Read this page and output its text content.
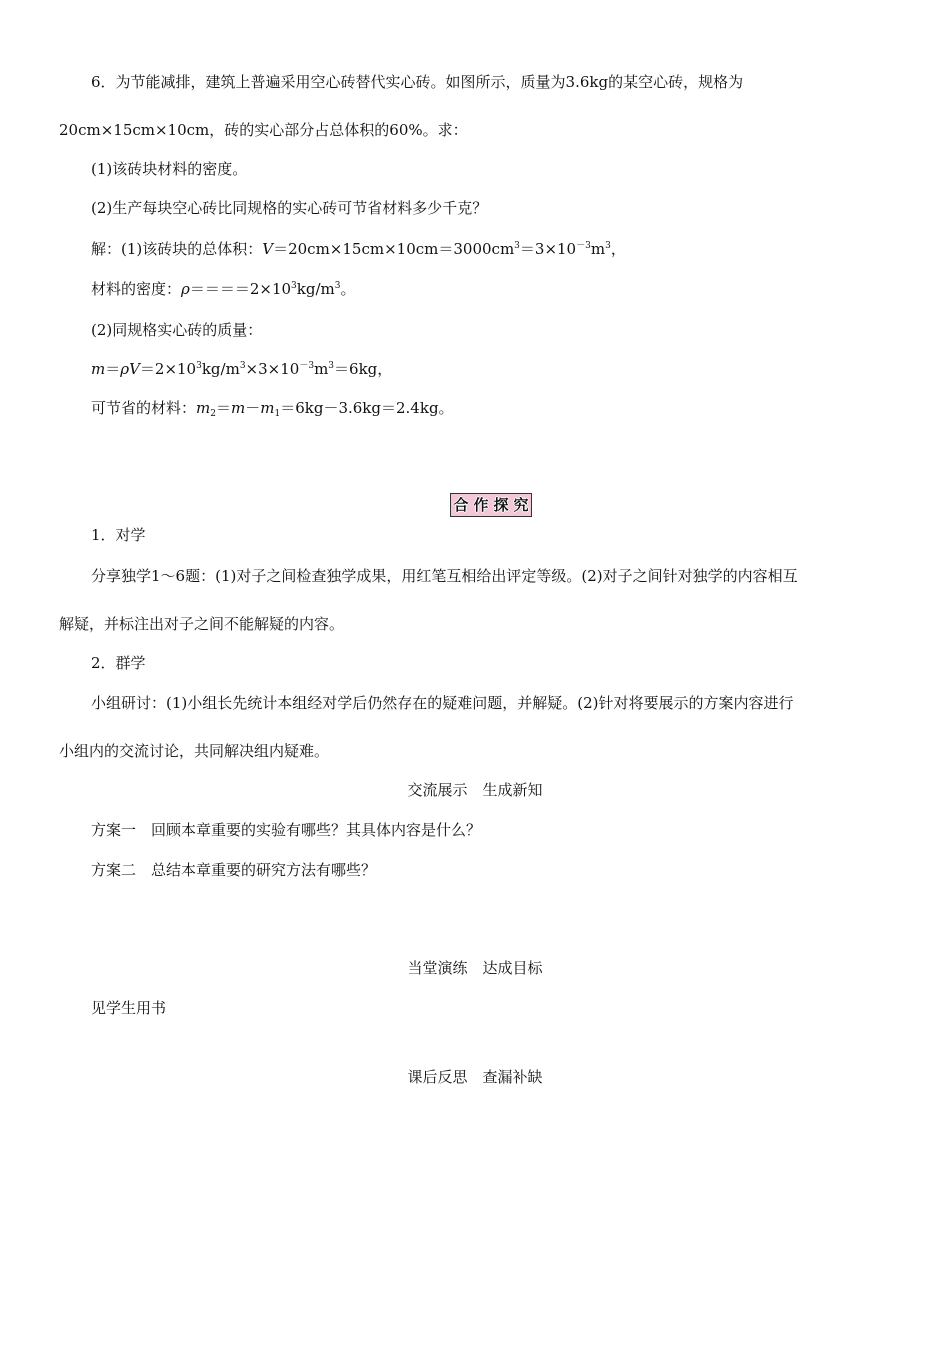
6．为节能减排，建筑上普遍采用空心砖替代实心砖。如图所示，质量为3.6kg的某空心砖，规格为
20cm×15cm×10cm，砖的实心部分占总体积的60%。求：
(1)该砖块材料的密度。
(2)生产每块空心砖比同规格的实心砖可节省材料多少千克？
解：(1)该砖块的总体积：$V=20cm\times 15cm\times 10cm=3000cm^3=3\times 10^{-3}m^3$，
材料的密度：$\rho====2\times 10^3kg/m^3$。
(2)同规格实心砖的质量：
$m=\rho V=2\times 10^3kg/m^3\times 3\times 10^{-3}m^3=6kg$，
可节省的材料：$m_2=m-m_1=6kg-3.6kg=2.4kg$。
合 作 探 究
1．对学
分享独学1～6题：(1)对子之间检查独学成果，用红笔互相给出评定等级。(2)对子之间针对独学的内容相互
解疑，并标注出对子之间不能解疑的内容。
2．群学
小组研讨：(1)小组长先统计本组经对学后仍然存在的疑难问题，并解疑。(2)针对将要展示的方案内容进行
小组内的交流讨论，共同解决组内疑难。
交流展示　生成新知
方案一　回顾本章重要的实验有哪些？其具体内容是什么？
方案二　总结本章重要的研究方法有哪些？
当堂演练　达成目标
见学生用书
课后反思　查漏补缺
